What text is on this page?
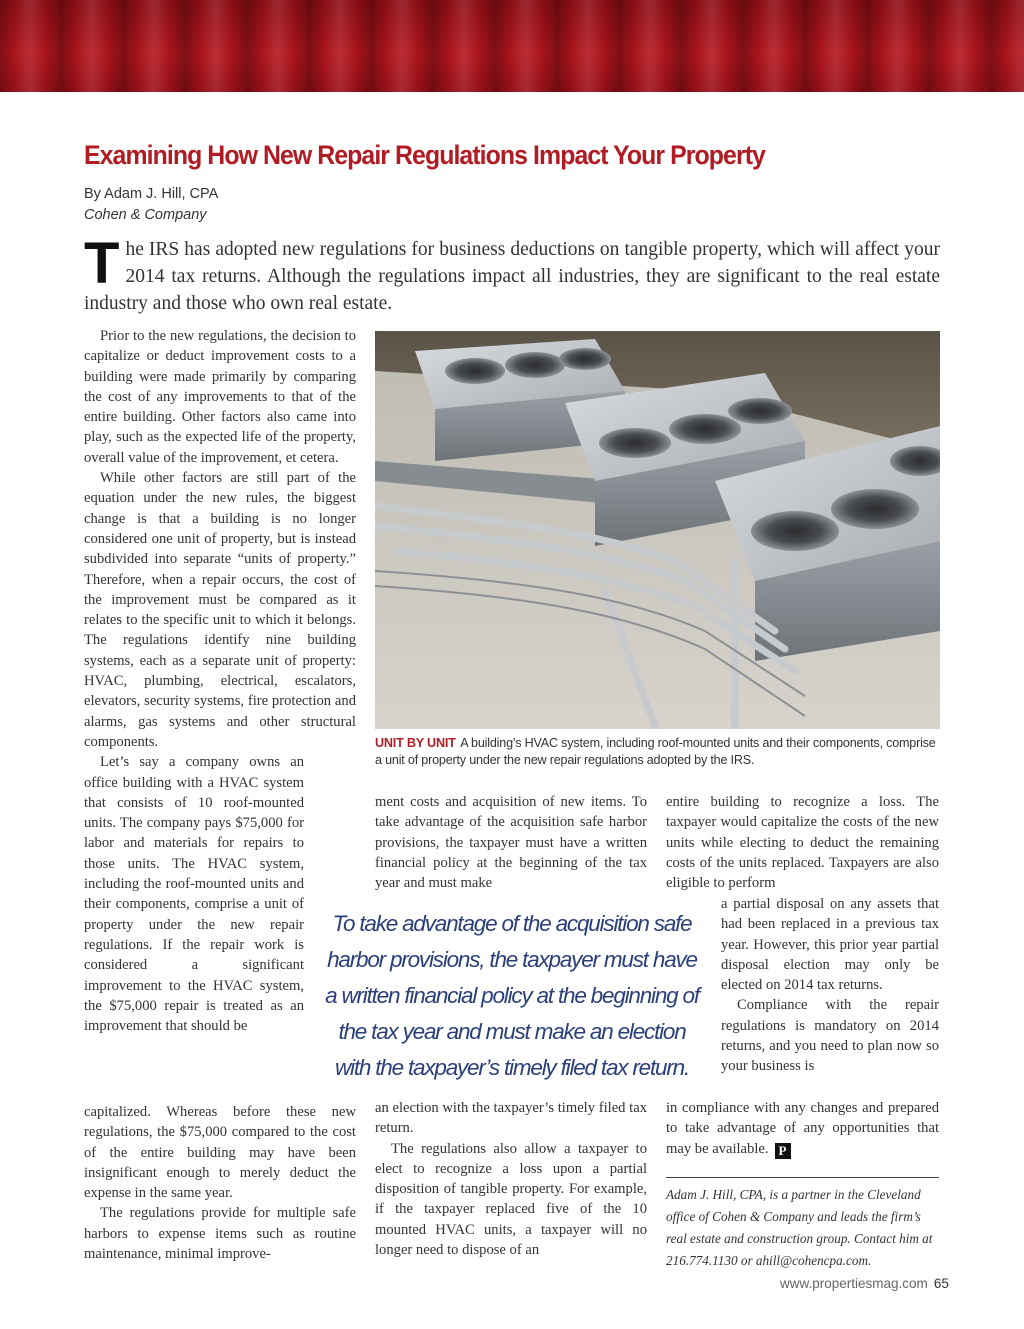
Examining How New Repair Regulations Impact Your Property
By Adam J. Hill, CPA
Cohen & Company

The IRS has adopted new regulations for business deductions on tangible property, which will affect your 2014 tax returns. Although the regulations impact all industries, they are significant to the real estate industry and those who own real estate.

Prior to the new regulations, the decision to capitalize or deduct improvement costs to a building were made primarily by comparing the cost of any improvements to that of the entire building. Other factors also came into play, such as the expected life of the property, overall value of the improvement, et cetera.

While other factors are still part of the equation under the new rules, the biggest change is that a building is no longer considered one unit of property, but is instead subdivided into separate “units of property.” Therefore, when a repair occurs, the cost of the improvement must be compared as it relates to the specific unit to which it belongs. The regulations identify nine building systems, each as a separate unit of property: HVAC, plumbing, electrical, escalators, elevators, security systems, fire protection and alarms, gas systems and other structural components.

Let’s say a company owns an office building with a HVAC system that consists of 10 roof-mounted units. The company pays $75,000 for labor and materials for repairs to those units. The HVAC system, including the roof-mounted units and their components, comprise a unit of property under the new repair regulations. If the repair work is considered a significant improvement to the HVAC system, the $75,000 repair is treated as an improvement that should be

capitalized. Whereas before these new regulations, the $75,000 compared to the cost of the entire building may have been insignificant enough to merely deduct the expense in the same year.

The regulations provide for multiple safe harbors to expense items such as routine maintenance, minimal improve-

UNIT BY UNIT A building’s HVAC system, including roof-mounted units and their components, comprise a unit of property under the new repair regulations adopted by the IRS.

ment costs and acquisition of new items. To take advantage of the acquisition safe harbor provisions, the taxpayer must have a written financial policy at the beginning of the tax year and must make

an election with the taxpayer’s timely filed tax return.

The regulations also allow a taxpayer to elect to recognize a loss upon a partial disposition of tangible property. For example, if the taxpayer replaced five of the 10 mounted HVAC units, a taxpayer will no longer need to dispose of an

To take advantage of the acquisition safe harbor provisions, the taxpayer must have a written financial policy at the beginning of the tax year and must make an election with the taxpayer’s timely filed tax return.

entire building to recognize a loss. The taxpayer would capitalize the costs of the new units while electing to deduct the remaining costs of the units replaced. Taxpayers are also eligible to perform

a partial disposal on any assets that had been replaced in a previous tax year. However, this prior year partial disposal election may only be elected on 2014 tax returns.

Compliance with the repair regulations is mandatory on 2014 returns, and you need to plan now so your business is

in compliance with any changes and prepared to take advantage of any opportunities that may be available. P

Adam J. Hill, CPA, is a partner in the Cleveland office of Cohen & Company and leads the firm’s real estate and construction group. Contact him at 216.774.1130 or ahill@cohencpa.com.

www.propertiesmag.com 65
